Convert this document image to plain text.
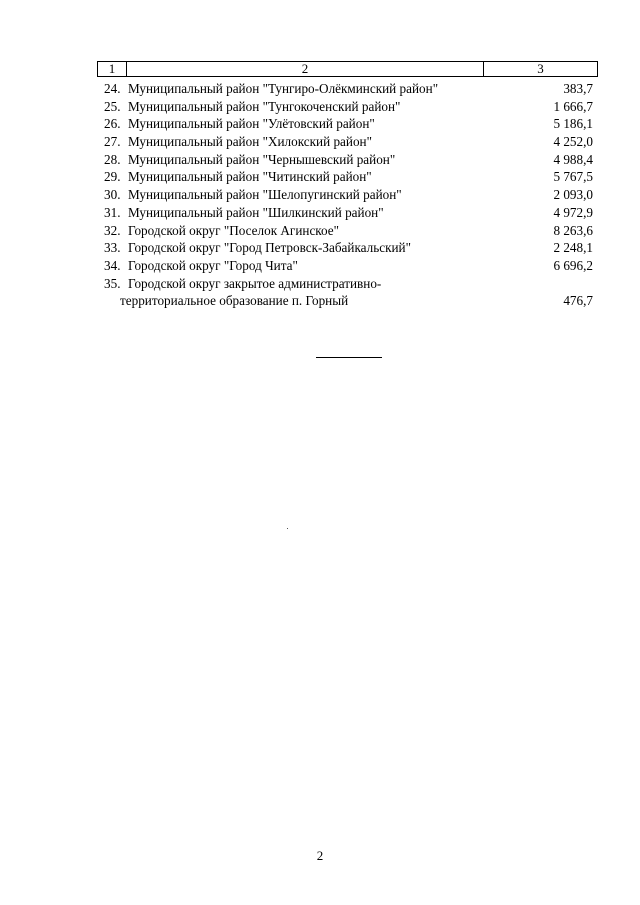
1	2	3
24. Муниципальный район "Тунгиро-Олёкминский район"	383,7
25. Муниципальный район "Тунгокоченский район"	1 666,7
26. Муниципальный район "Улётовский район"	5 186,1
27. Муниципальный район "Хилокский район"	4 252,0
28. Муниципальный район "Чернышевский район"	4 988,4
29. Муниципальный район "Читинский район"	5 767,5
30. Муниципальный район "Шелопугинский район"	2 093,0
31. Муниципальный район "Шилкинский район"	4 972,9
32. Городской округ "Поселок Агинское"	8 263,6
33. Городской округ "Город Петровск-Забайкальский"	2 248,1
34. Городской округ "Город Чита"	6 696,2
35. Городской округ закрытое административно-
территориальное образование п. Горный	476,7
2
